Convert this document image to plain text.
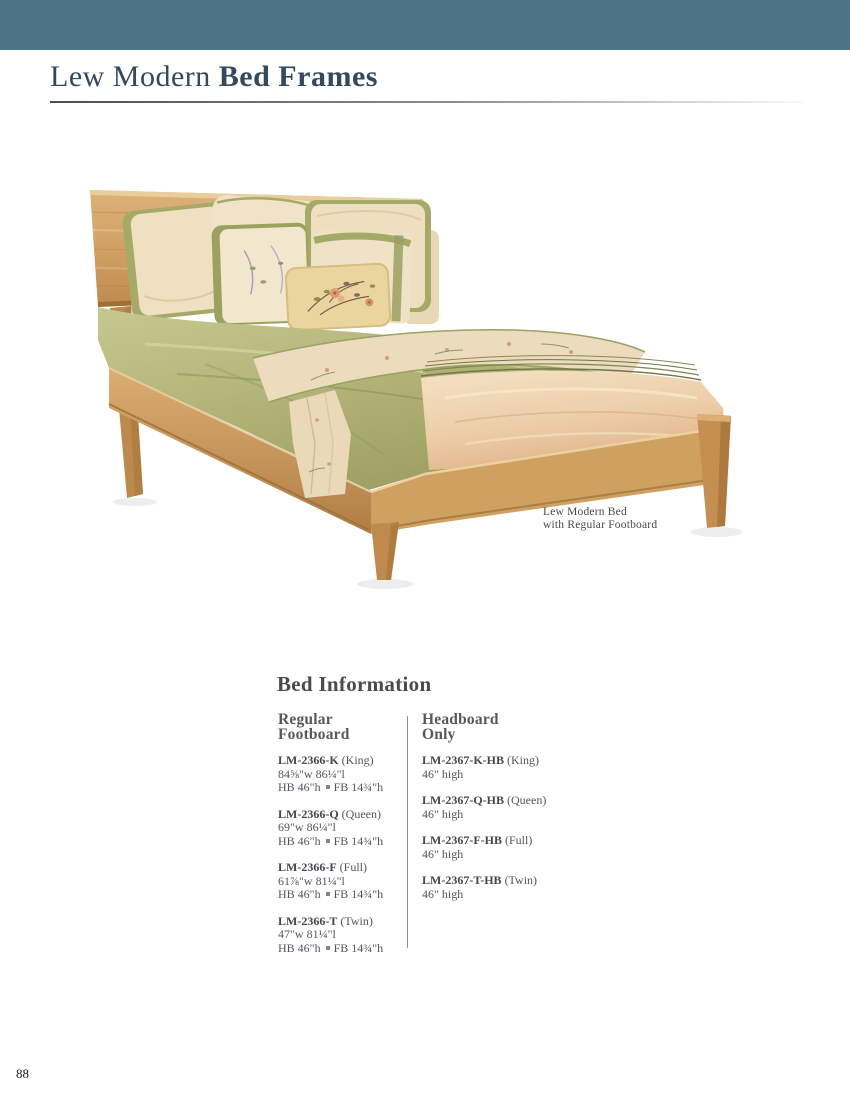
Lew Modern Bed Frames
Lew Modern Bed
with Regular Footboard
Bed Information
Regular
Footboard
LM-2366-K (King)
84⅝"w 86¼"l
HB 46"h FB 14¾"h
LM-2366-Q (Queen)
69"w 86¼"l
HB 46"h FB 14¾"h
LM-2366-F (Full)
61⅞"w 81¼"l
HB 46"h FB 14¾"h
LM-2366-T (Twin)
47"w 81¼"l
HB 46"h FB 14¾"h
Headboard
Only
LM-2367-K-HB (King)
46" high
LM-2367-Q-HB (Queen)
46" high
LM-2367-F-HB (Full)
46" high
LM-2367-T-HB (Twin)
46" high
88
